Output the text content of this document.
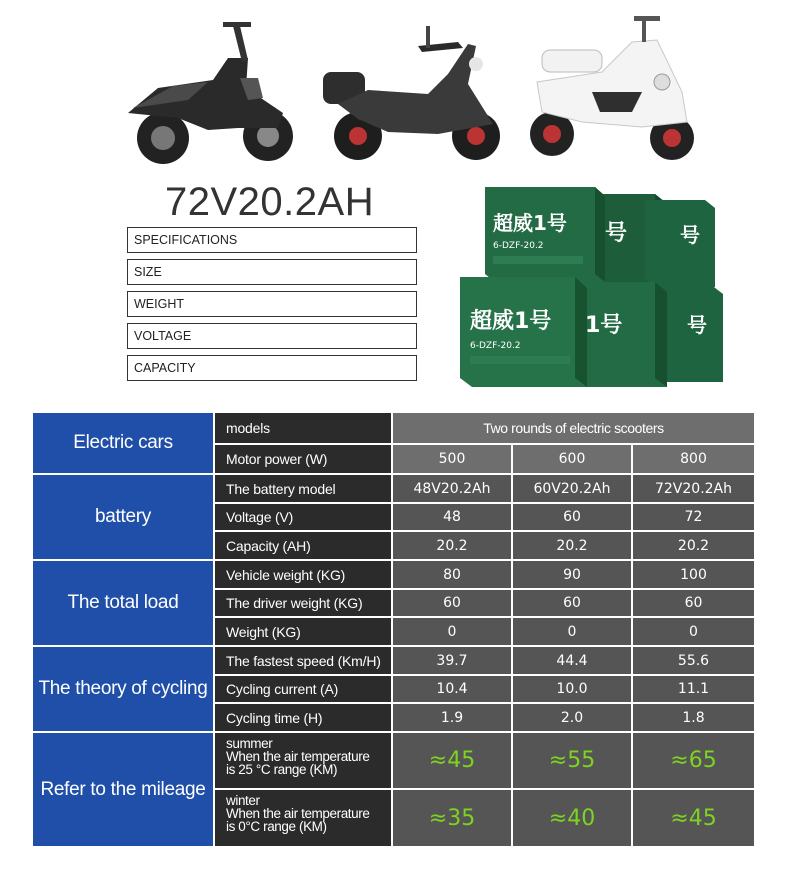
72V20.2AH
SPECIFICATIONS 6-DZF-20.2 * 6 PCS
SIZE	181*77*167±2mm（SINGLE）
WEIGHT	6.0±0.2kg/ PCS
VOLTAGE	72V
CAPACITY	20.2AH
超威1号
6-DZF-20.2	号	号
超威1号
6-DZF-20.2
1号	号
Electric cars
battery
The total load
The theory of cycling
Refer to the mileage
models	Two rounds of electric scooters
Motor power (W)	500	600	800
The battery model	48V20.2Ah	60V20.2Ah	72V20.2Ah
Voltage (V)	48	60	72
Capacity (AH)	20.2	20.2	20.2
Vehicle weight (KG)	80	90	100
The driver weight (KG)	60	60	60
Weight (KG)	0	0	0
The fastest speed (Km/H)	39.7	44.4	55.6
Cycling current (A)	10.4	10.0	11.1
Cycling time (H)	1.9	2.0	1.8
summer
When the air temperature
is 25 °C range (KM)	≈45	≈55	≈65
winter
When the air temperature
is 0°C range (KM)	≈35	≈40	≈45
